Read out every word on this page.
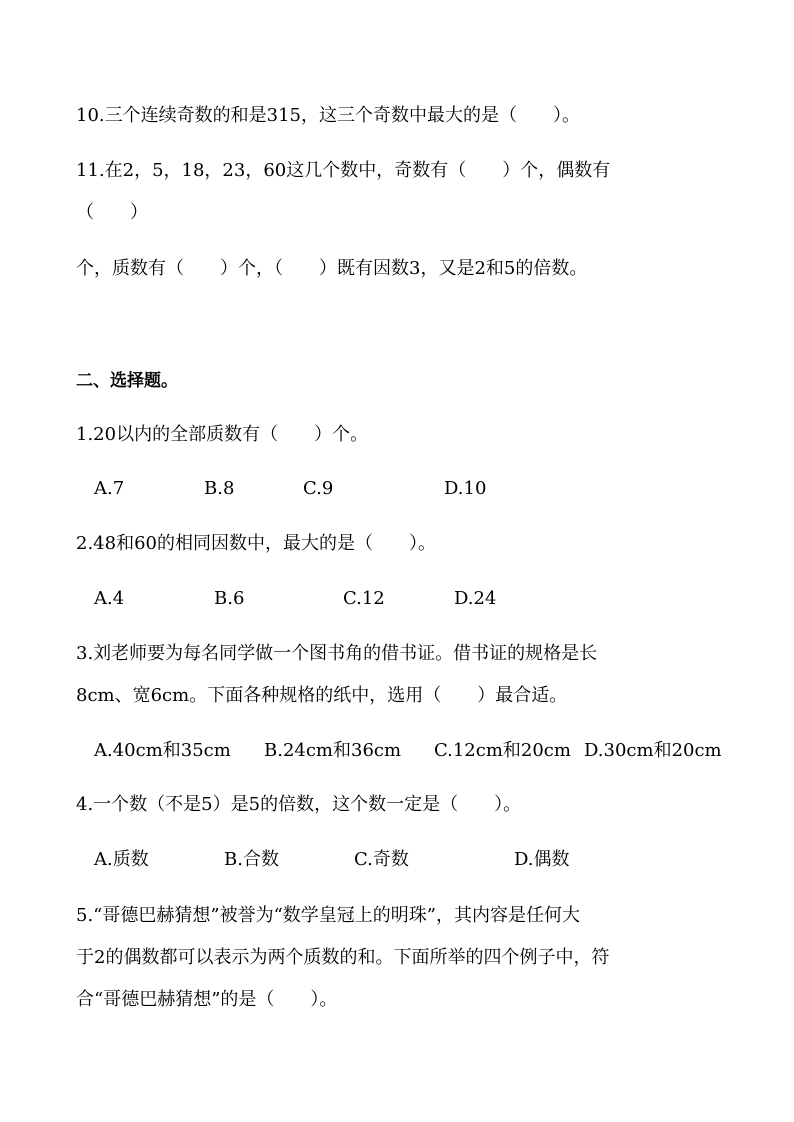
10.三个连续奇数的和是315，这三个奇数中最大的是（　　）。
11.在2，5，18，23，60这几个数中，奇数有（　　）个，偶数有
（　　）
个，质数有（　　）个，（　　）既有因数3，又是2和5的倍数。
二、选择题。
1.20以内的全部质数有（　　）个。
A.7	B.8	C.9	D.10
2.48和60的相同因数中，最大的是（　　）。
A.4	B.6	C.12	D.24
3.刘老师要为每名同学做一个图书角的借书证。借书证的规格是长
8cm、宽6cm。下面各种规格的纸中，选用（　　）最合适。
A.40cm和35cm B.24cm和36cm C.12cm和20cm D.30cm和20cm
4.一个数（不是5）是5的倍数，这个数一定是（　　）。
A.质数	B.合数	C.奇数	D.偶数
5.“哥德巴赫猜想”被誉为“数学皇冠上的明珠”，其内容是任何大
于2的偶数都可以表示为两个质数的和。下面所举的四个例子中，符
合“哥德巴赫猜想”的是（　　）。
